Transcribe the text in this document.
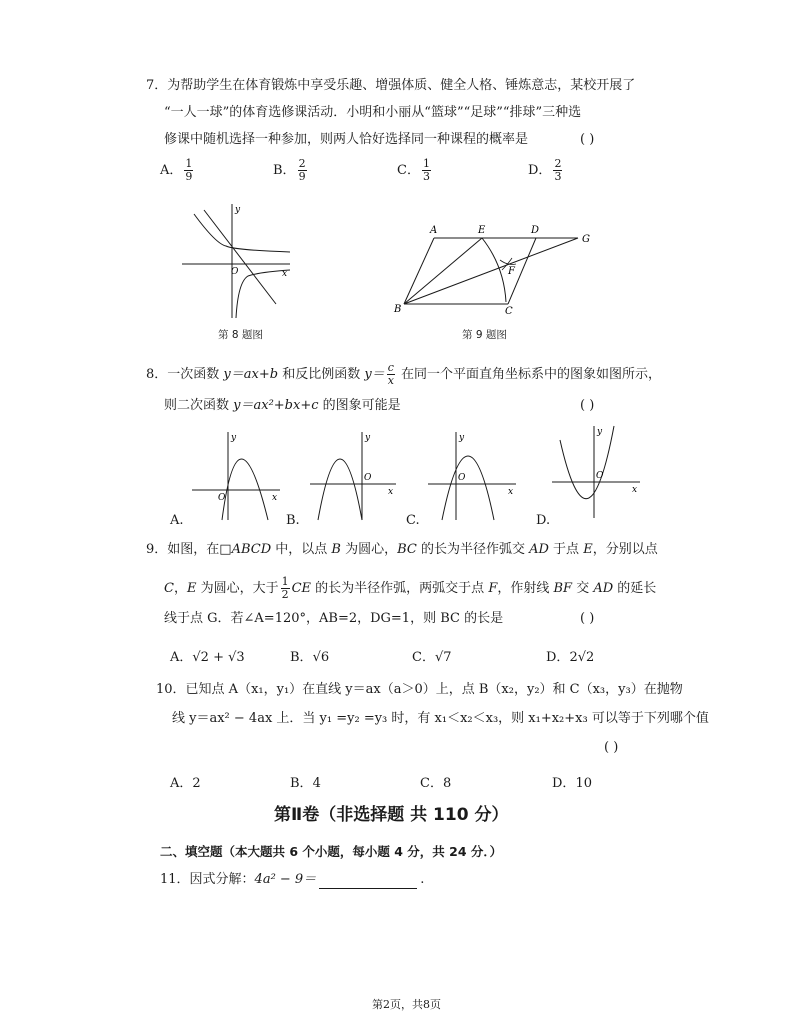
7．为帮助学生在体育锻炼中享受乐趣、增强体质、健全人格、锤炼意志，某校开展了
“一人一球”的体育选修课活动．小明和小丽从“篮球”“足球”“排球”三种选
修课中随机选择一种参加，则两人恰好选择同一种课程的概率是	( )
A． $\frac{1}{9}$	B． $\frac{2}{9}$	C． $\frac{1}{3}$	D． $\frac{2}{3}$
y
x
O
第 8 题图
A	E	D
G
F
B	C
第 9 题图
8．一次函数 y＝ax+b 和反比例函数 $y= \frac{c}{x}$ 在同一个平面直角坐标系中的图象如图所示，
则二次函数 y＝ax²+bx+c 的图象可能是	( )
y
x
O
A.
y
x
O
B.
y
x
O
C.
y
x
O
D.
9．如图，在□ABCD 中，以点 B 为圆心，BC 的长为半径作弧交 AD 于点 E，分别以点
C，E 为圆心，大于 $\frac{1}{2}$ CE 的长为半径作弧，两弧交于点 F，作射线 BF 交 AD 的延长
线于点 G．若∠A=120°，AB=2，DG=1，则 BC 的长是	( )
A．√2 + √3	B．√6	C．√7	D．2√2
10．已知点 A（x₁，y₁）在直线 y＝ax（a＞0）上，点 B（x₂，y₂）和 C（x₃，y₃）在抛物
线 y＝ax² − 4ax 上．当 y₁ =y₂ =y₃ 时，有 x₁＜x₂＜x₃，则 x₁+x₂+x₃ 可以等于下列哪个值
( )
A．2	B．4	C．8	D．10
第Ⅱ卷（非选择题 共 110 分）
二、填空题（本大题共 6 个小题，每小题 4 分，共 24 分．）
11．因式分解：4a² − 9＝	.
第2页，共8页
